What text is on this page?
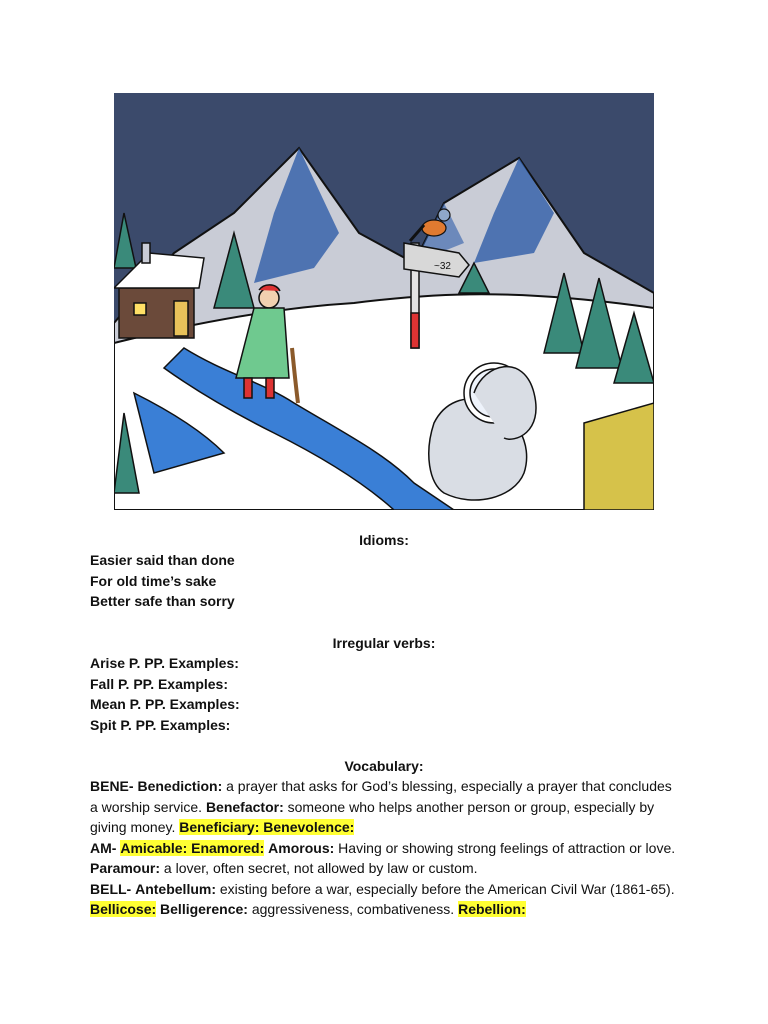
~32
Idioms:
Easier said than done
For old time’s sake
Better safe than sorry
Irregular verbs:
Arise P. PP. Examples:
Fall P. PP. Examples:
Mean P. PP. Examples:
Spit P. PP. Examples:
Vocabulary:
BENE- Benediction: a prayer that asks for God’s blessing, especially a prayer that concludes a worship service. Benefactor: someone who helps another person or group, especially by giving money. Beneficiary: Benevolence:
AM- Amicable: Enamored: Amorous: Having or showing strong feelings of attraction or love. Paramour: a lover, often secret, not allowed by law or custom.
BELL- Antebellum: existing before a war, especially before the American Civil War (1861-65). Bellicose: Belligerence: aggressiveness, combativeness. Rebellion:
